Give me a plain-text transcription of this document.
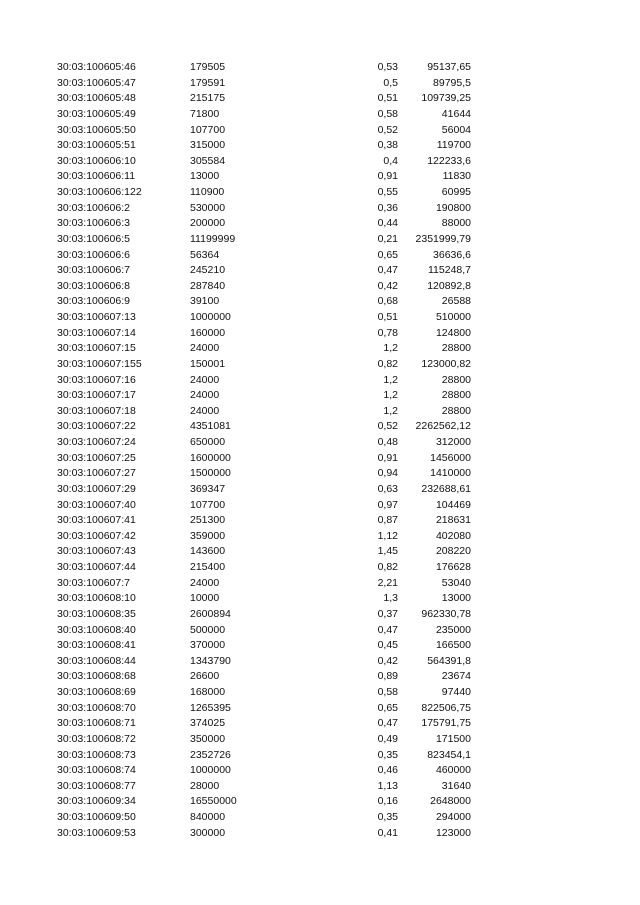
30:03:100605:46	179505	0,53	95137,65
30:03:100605:47	179591	0,5	89795,5
30:03:100605:48	215175	0,51 109739,25
30:03:100605:49	71800	0,58	41644
30:03:100605:50	107700	0,52	56004
30:03:100605:51	315000	0,38	119700
30:03:100606:10	305584	0,4	122233,6
30:03:100606:11	13000	0,91	11830
30:03:100606:122	110900	0,55	60995
30:03:100606:2	530000	0,36	190800
30:03:100606:3	200000	0,44	88000
30:03:100606:5	11199999	0,21 2351999,79
30:03:100606:6	56364	0,65	36636,6
30:03:100606:7	245210	0,47	115248,7
30:03:100606:8	287840	0,42	120892,8
30:03:100606:9	39100	0,68	26588
30:03:100607:13	1000000	0,51	510000
30:03:100607:14	160000	0,78	124800
30:03:100607:15	24000	1,2	28800
30:03:100607:155	150001	0,82 123000,82
30:03:100607:16	24000	1,2	28800
30:03:100607:17	24000	1,2	28800
30:03:100607:18	24000	1,2	28800
30:03:100607:22	4351081	0,52 2262562,12
30:03:100607:24	650000	0,48	312000
30:03:100607:25	1600000	0,91	1456000
30:03:100607:27	1500000	0,94	1410000
30:03:100607:29	369347	0,63 232688,61
30:03:100607:40	107700	0,97	104469
30:03:100607:41	251300	0,87	218631
30:03:100607:42	359000	1,12	402080
30:03:100607:43	143600	1,45	208220
30:03:100607:44	215400	0,82	176628
30:03:100607:7	24000	2,21	53040
30:03:100608:10	10000	1,3	13000
30:03:100608:35	2600894	0,37 962330,78
30:03:100608:40	500000	0,47	235000
30:03:100608:41	370000	0,45	166500
30:03:100608:44	1343790	0,42	564391,8
30:03:100608:68	26600	0,89	23674
30:03:100608:69	168000	0,58	97440
30:03:100608:70	1265395	0,65 822506,75
30:03:100608:71	374025	0,47 175791,75
30:03:100608:72	350000	0,49	171500
30:03:100608:73	2352726	0,35	823454,1
30:03:100608:74	1000000	0,46	460000
30:03:100608:77	28000	1,13	31640
30:03:100609:34	16550000	0,16	2648000
30:03:100609:50	840000	0,35	294000
30:03:100609:53	300000	0,41	123000
